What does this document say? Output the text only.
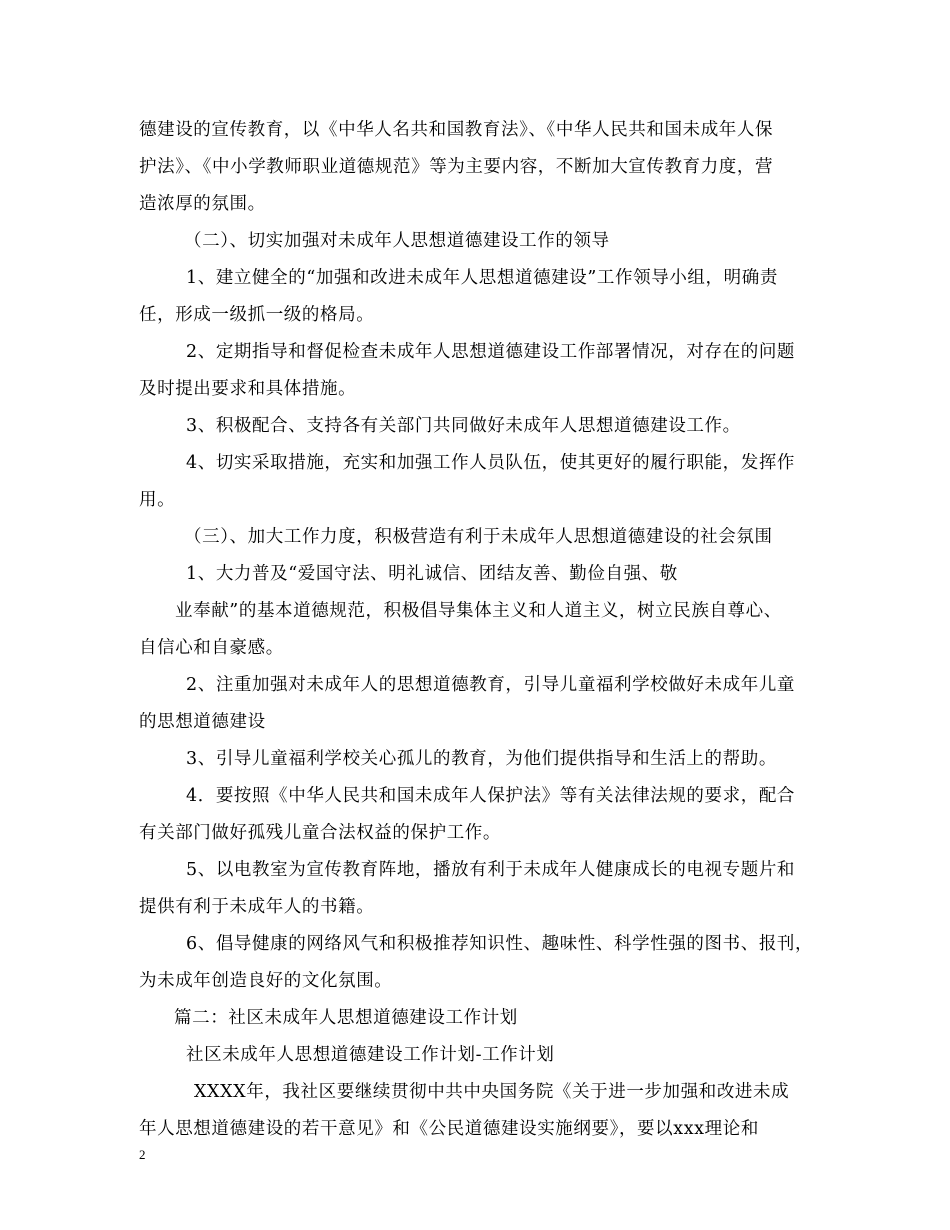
德建设的宣传教育，以《中华人名共和国教育法》、《中华人民共和国未成年人保
护法》、《中小学教师职业道德规范》等为主要内容，不断加大宣传教育力度，营
造浓厚的氛围。
（二）、切实加强对未成年人思想道德建设工作的领导
1、建立健全的“加强和改进未成年人思想道德建设”工作领导小组，明确责
任，形成一级抓一级的格局。
2、定期指导和督促检查未成年人思想道德建设工作部署情况，对存在的问题
及时提出要求和具体措施。
3、积极配合、支持各有关部门共同做好未成年人思想道德建设工作。
4、切实采取措施，充实和加强工作人员队伍，使其更好的履行职能，发挥作
用。
（三）、加大工作力度，积极营造有利于未成年人思想道德建设的社会氛围
1、大力普及“爱国守法、明礼诚信、团结友善、勤俭自强、敬
业奉献”的基本道德规范，积极倡导集体主义和人道主义，树立民族自尊心、
自信心和自豪感。
2、注重加强对未成年人的思想道德教育，引导儿童福利学校做好未成年儿童
的思想道德建设
3、引导儿童福利学校关心孤儿的教育，为他们提供指导和生活上的帮助。
4．要按照《中华人民共和国未成年人保护法》等有关法律法规的要求，配合
有关部门做好孤残儿童合法权益的保护工作。
5、以电教室为宣传教育阵地，播放有利于未成年人健康成长的电视专题片和
提供有利于未成年人的书籍。
6、倡导健康的网络风气和积极推荐知识性、趣味性、科学性强的图书、报刊，
为未成年创造良好的文化氛围。
篇二：社区未成年人思想道德建设工作计划
社区未成年人思想道德建设工作计划-工作计划
XXXX年，我社区要继续贯彻中共中央国务院《关于进一步加强和改进未成
年人思想道德建设的若干意见》和《公民道德建设实施纲要》，要以xxx理论和
2
